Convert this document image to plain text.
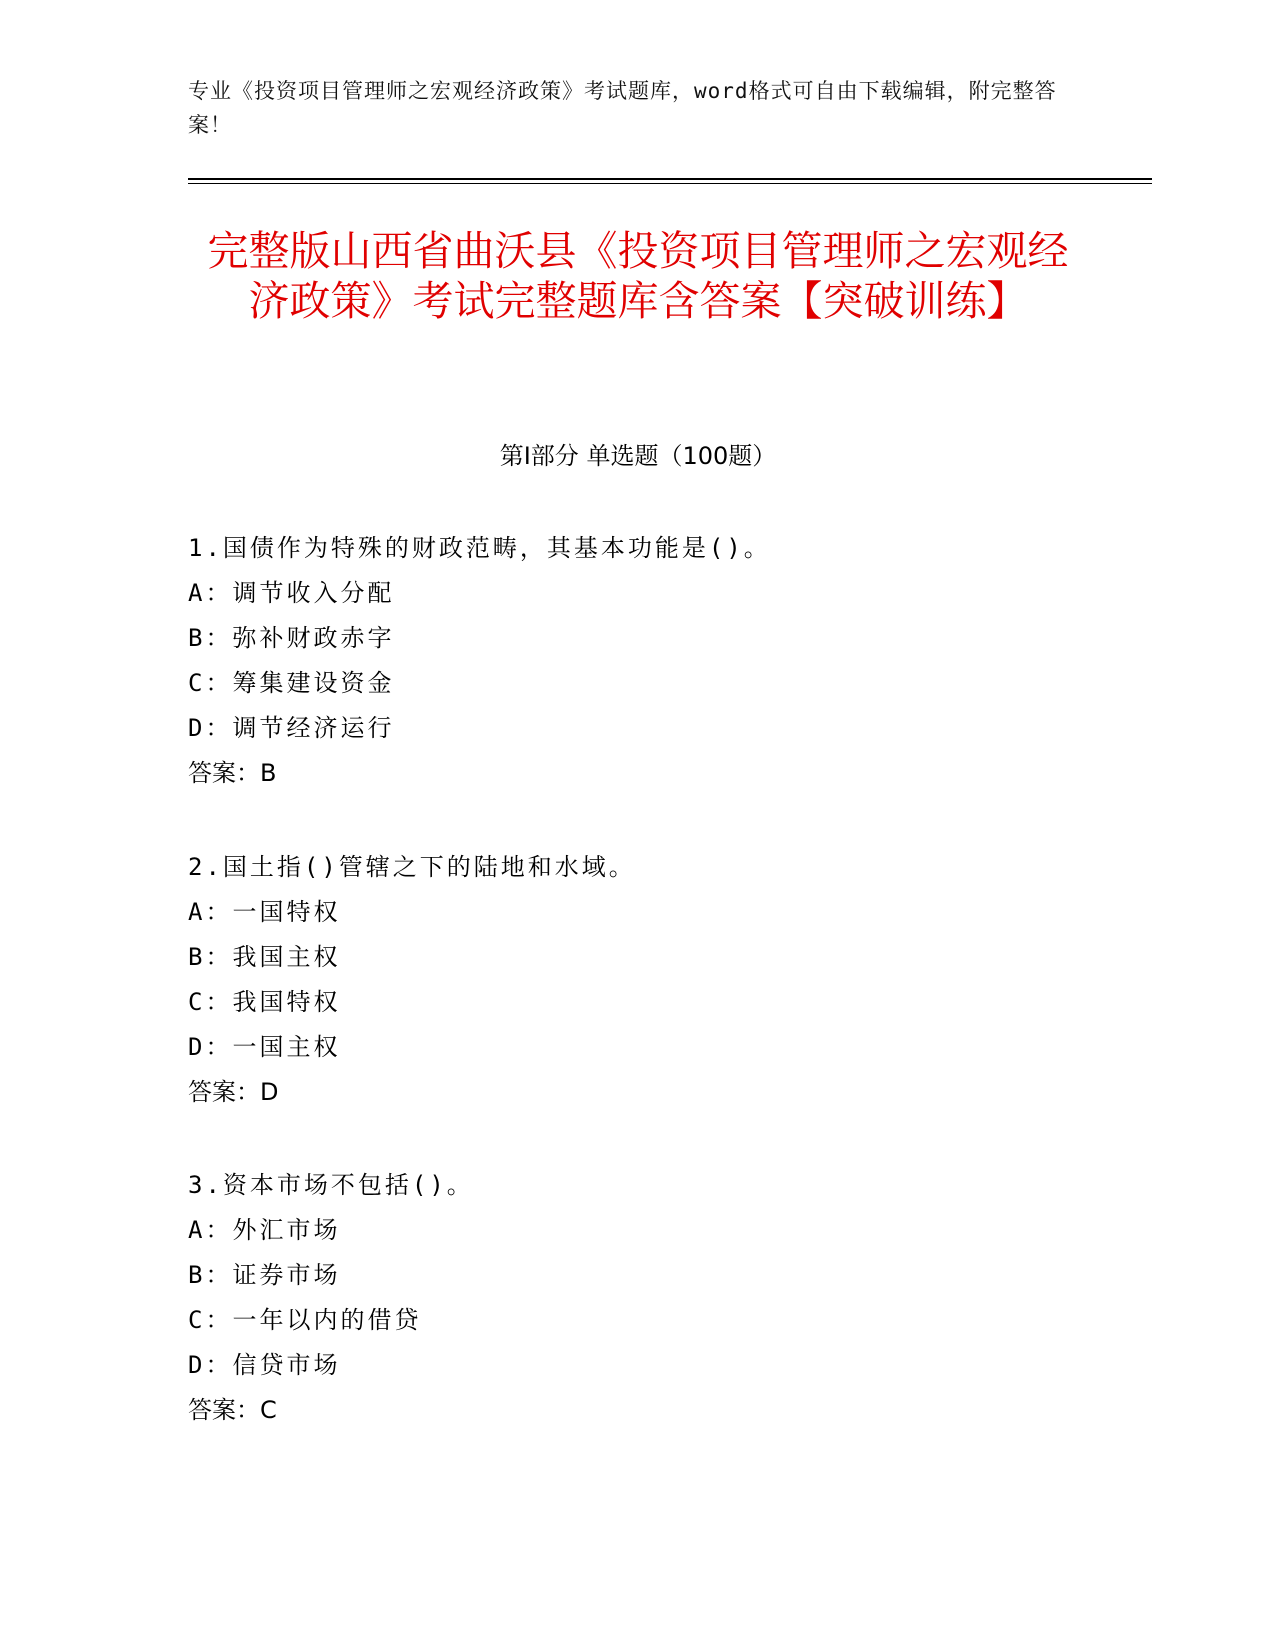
专业《投资项目管理师之宏观经济政策》考试题库，word格式可自由下载编辑，附完整答案！
完整版山西省曲沃县《投资项目管理师之宏观经济政策》考试完整题库含答案【突破训练】
第Ⅰ部分 单选题（100题）
1.国债作为特殊的财政范畴，其基本功能是()。
A：调节收入分配
B：弥补财政赤字
C：筹集建设资金
D：调节经济运行
答案：B
2.国土指()管辖之下的陆地和水域。
A：一国特权
B：我国主权
C：我国特权
D：一国主权
答案：D
3.资本市场不包括()。
A：外汇市场
B：证券市场
C：一年以内的借贷
D：信贷市场
答案：C
